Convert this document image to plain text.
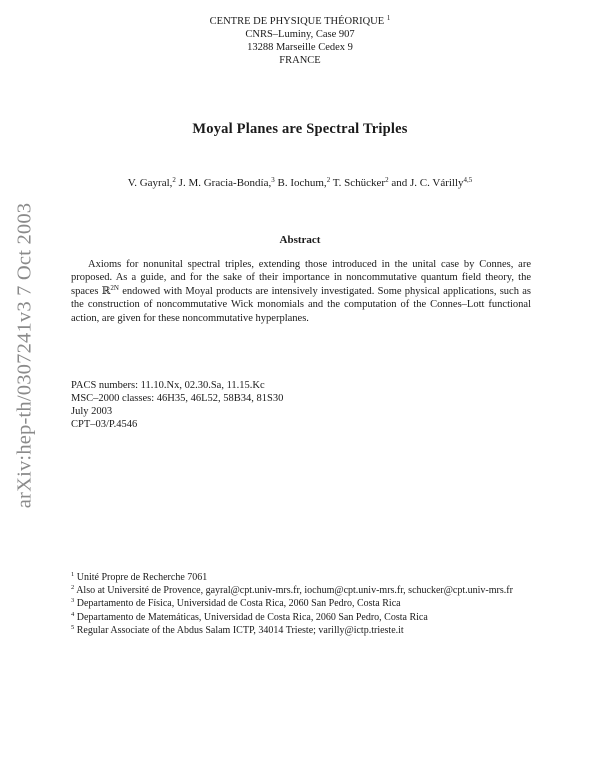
arXiv:hep-th/0307241v3 7 Oct 2003
CENTRE DE PHYSIQUE THÉORIQUE $^1$
CNRS–Luminy, Case 907
13288 Marseille Cedex 9
FRANCE
Moyal Planes are Spectral Triples
V. Gayral,$^2$ J. M. Gracia-Bondía,$^3$ B. Iochum,$^2$ T. Schücker$^2$ and J. C. Várilly$^{4,5}$
Abstract
Axioms for nonunital spectral triples, extending those introduced in the unital case by Connes, are proposed. As a guide, and for the sake of their importance in noncommutative quantum field theory, the spaces ℝ$^{2N}$ endowed with Moyal products are intensively investigated. Some physical applications, such as the construction of noncommutative Wick monomials and the computation of the Connes–Lott functional action, are given for these noncommutative hyperplanes.
PACS numbers: 11.10.Nx, 02.30.Sa, 11.15.Kc
MSC–2000 classes: 46H35, 46L52, 58B34, 81S30
July 2003
CPT–03/P.4546
$^1$ Unité Propre de Recherche 7061
$^2$ Also at Université de Provence, gayral@cpt.univ-mrs.fr, iochum@cpt.univ-mrs.fr, schucker@cpt.univ-mrs.fr
$^3$ Departamento de Física, Universidad de Costa Rica, 2060 San Pedro, Costa Rica
$^4$ Departamento de Matemáticas, Universidad de Costa Rica, 2060 San Pedro, Costa Rica
$^5$ Regular Associate of the Abdus Salam ICTP, 34014 Trieste; varilly@ictp.trieste.it
